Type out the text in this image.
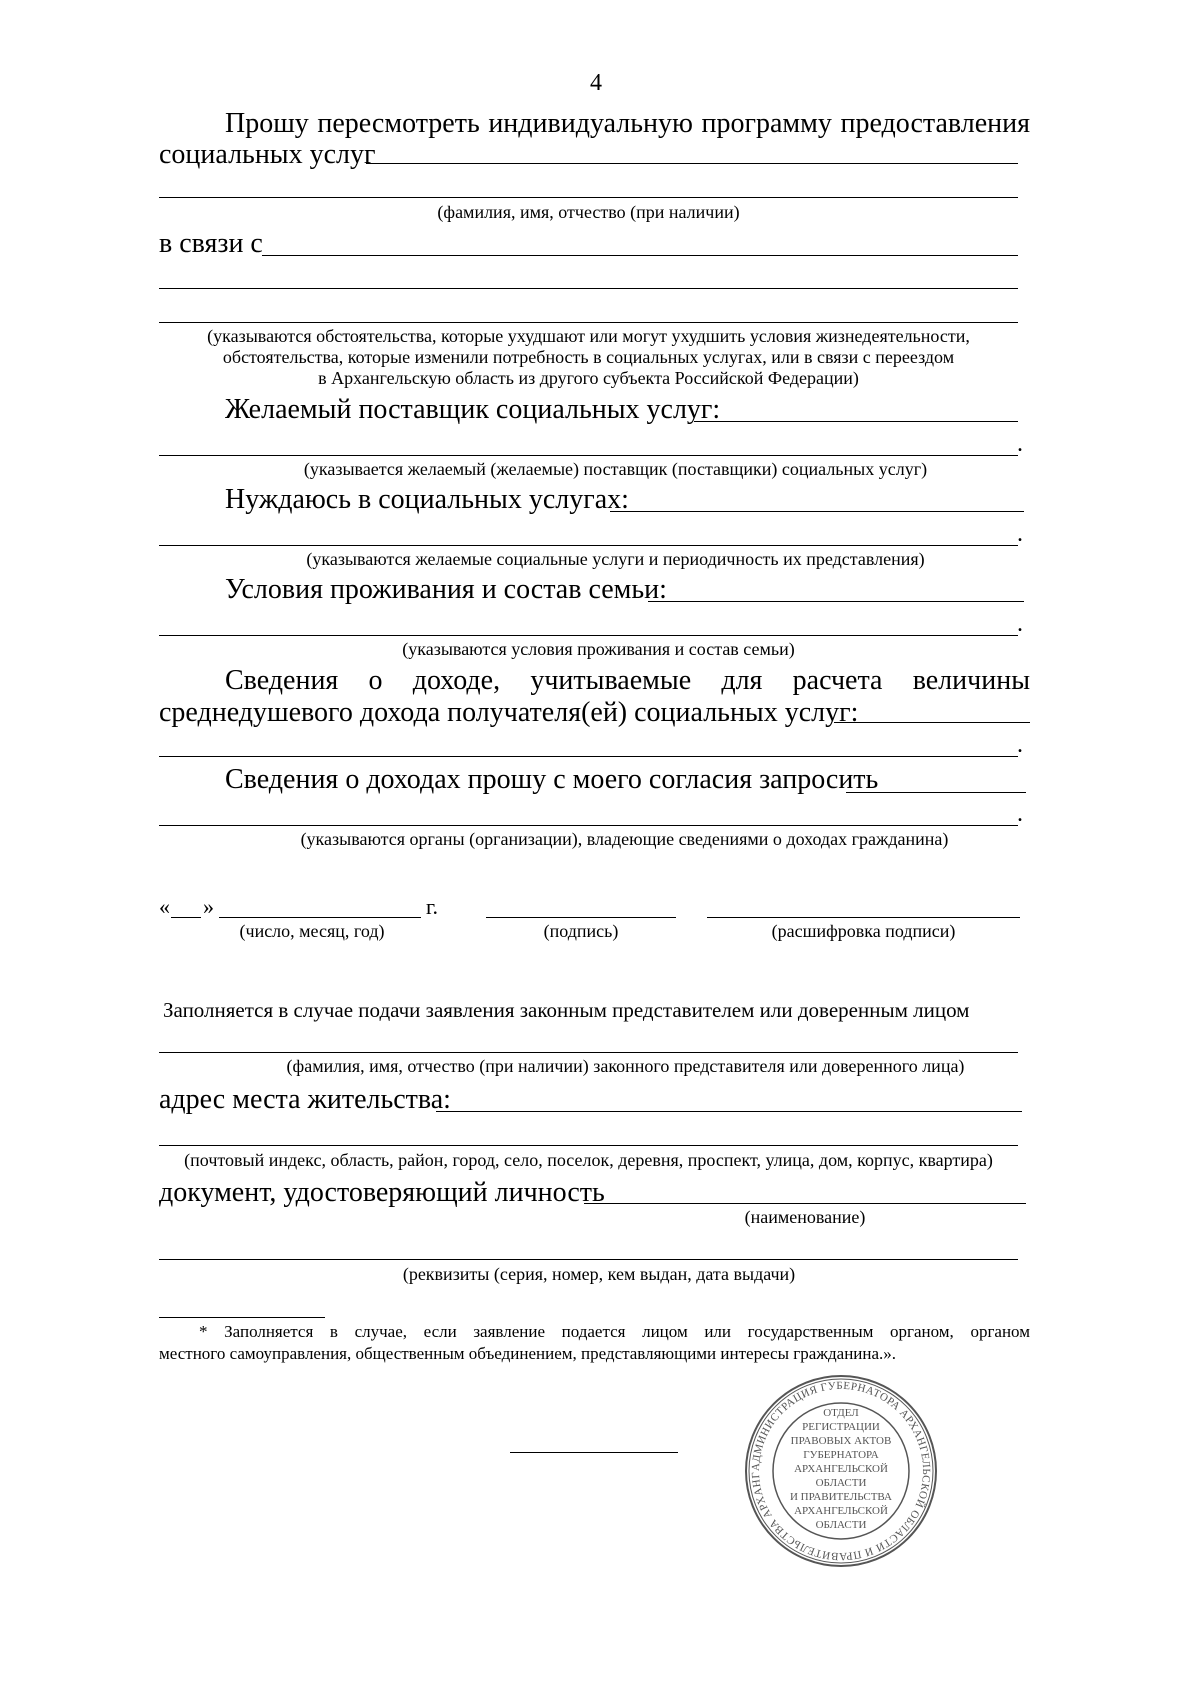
4
Прошу пересмотреть индивидуальную программу предоставления
социальных услуг
(фамилия, имя, отчество (при наличии)
в связи с
(указываются обстоятельства, которые ухудшают или могут ухудшить условия жизнедеятельности,
обстоятельства, которые изменили потребность в социальных услугах, или в связи с переездом
в Архангельскую область из другого субъекта Российской Федерации)
Желаемый поставщик социальных услуг:
.
(указывается желаемый (желаемые) поставщик (поставщики) социальных услуг)
Нуждаюсь в социальных услугах:
.
(указываются желаемые социальные услуги и периодичность их представления)
Условия проживания и состав семьи:
.
(указываются условия проживания и состав семьи)
Сведения о доходе, учитываемые для расчета величины
среднедушевого дохода получателя(ей) социальных услуг:
.
Сведения о доходах прошу с моего согласия запросить
.
(указываются органы (организации), владеющие сведениями о доходах гражданина)
« »	г.
(число, месяц, год)	(подпись)	(расшифровка подписи)
Заполняется в случае подачи заявления законным представителем или доверенным лицом
(фамилия, имя, отчество (при наличии) законного представителя или доверенного лица)
адрес места жительства:
(почтовый индекс, область, район, город, село, поселок, деревня, проспект, улица, дом, корпус, квартира)
документ, удостоверяющий личность
(наименование)
(реквизиты (серия, номер, кем выдан, дата выдачи)
* Заполняется в случае, если заявление подается лицом или государственным органом, органом
местного самоуправления, общественным объединением, представляющими интересы гражданина.».
АДМИНИСТРАЦИЯ ГУБЕРНАТОРА АРХАНГЕЛЬСКОЙ ОБЛАСТИ И ПРАВИТЕЛЬСТВА АРХАНГ
ОТДЕЛ
РЕГИСТРАЦИИ
ПРАВОВЫХ АКТОВ
ГУБЕРНАТОРА
АРХАНГЕЛЬСКОЙ
ОБЛАСТИ
И ПРАВИТЕЛЬСТВА
АРХАНГЕЛЬСКОЙ
ОБЛАСТИ
